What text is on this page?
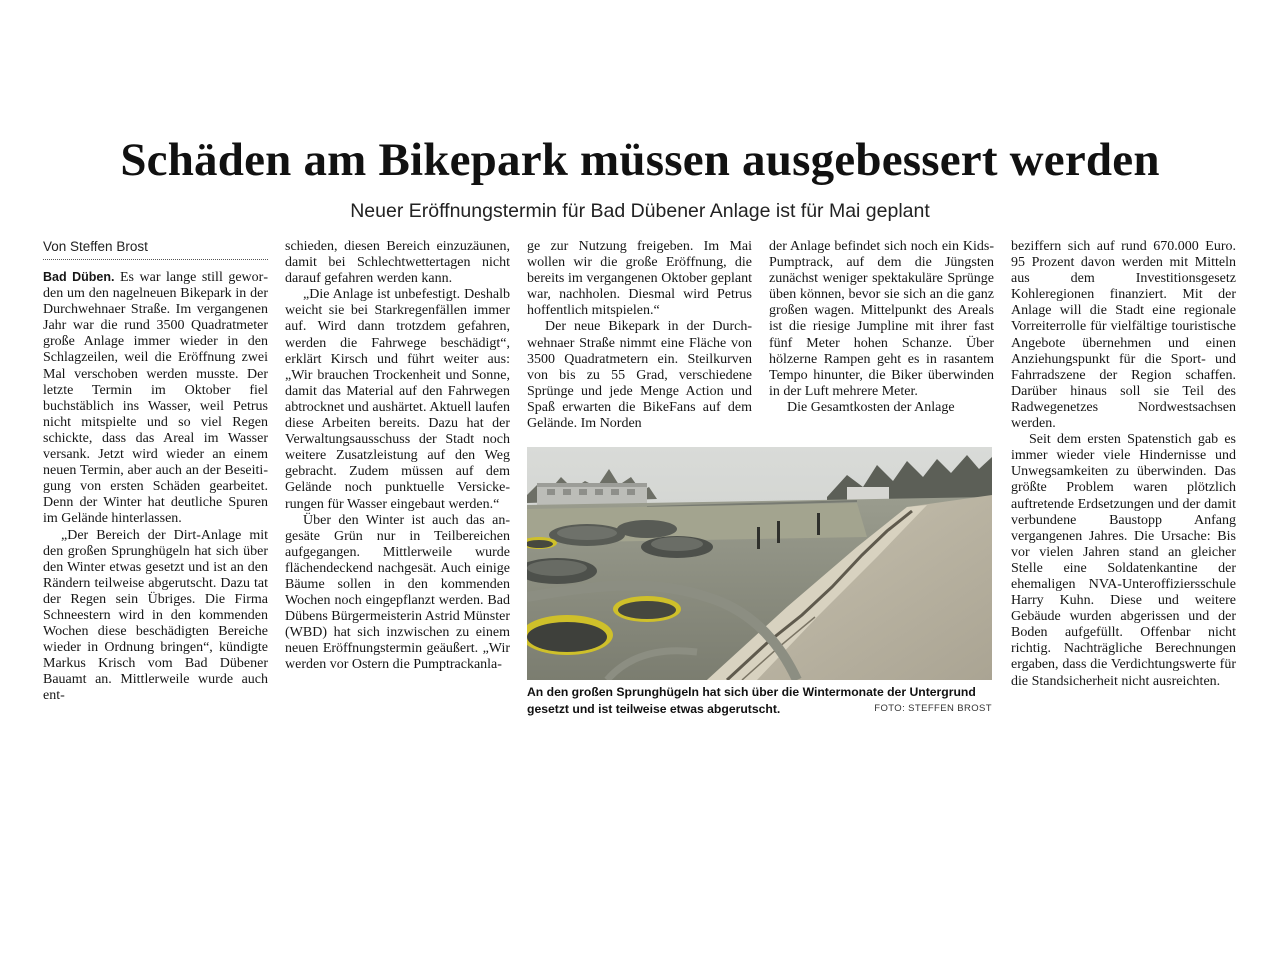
Schäden am Bikepark müssen ausgebessert werden
Neuer Eröffnungstermin für Bad Dübener Anlage ist für Mai geplant
Von Steffen Brost

Bad Düben. Es war lange still geworden um den nagelneuen Bikepark in der Durchwehnaer Straße. Im vergangenen Jahr war die rund 3500 Quadratmeter große Anlage immer wieder in den Schlagzeilen, weil die Eröffnung zwei Mal verschoben werden musste. Der letzte Termin im Oktober fiel buchstäblich ins Wasser, weil Petrus nicht mitspielte und so viel Regen schickte, dass das Areal im Wasser versank. Jetzt wird wieder an einem neuen Termin, aber auch an der Beseitigung von ersten Schäden gearbeitet. Denn der Winter hat deutliche Spuren im Gelände hinterlassen.

„Der Bereich der Dirt-Anlage mit den großen Sprunghügeln hat sich über den Winter etwas gesetzt und ist an den Rändern teilweise abgerutscht. Dazu tat der Regen sein Übriges. Die Firma Schneestern wird in den kommenden Wochen diese beschädigten Bereiche wieder in Ordnung bringen“, kündigte Markus Krisch vom Bad Dübener Bauamt an. Mittlerweile wurde auch ent-

schieden, diesen Bereich einzuzäunen, damit bei Schlechtwettertagen nicht darauf gefahren werden kann.

„Die Anlage ist unbefestigt. Deshalb weicht sie bei Starkregenfällen immer auf. Wird dann trotzdem gefahren, werden die Fahrwege beschädigt“, erklärt Kirsch und führt weiter aus: „Wir brauchen Trockenheit und Sonne, damit das Material auf den Fahrwegen abtrocknet und aushärtet. Aktuell laufen diese Arbeiten bereits. Dazu hat der Verwaltungsausschuss der Stadt noch weitere Zusatzleistung auf den Weg gebracht. Zudem müssen auf dem Gelände noch punktuelle Versickerungen für Wasser eingebaut werden.“

Über den Winter ist auch das angesäte Grün nur in Teilbereichen aufgegangen. Mittlerweile wurde flächendeckend nachgesät. Auch einige Bäume sollen in den kommenden Wochen noch eingepflanzt werden. Bad Dübens Bürgermeisterin Astrid Münster (WBD) hat sich inzwischen zu einem neuen Eröffnungstermin geäußert. „Wir werden vor Ostern die Pumptrackanla-

ge zur Nutzung freigeben. Im Mai wollen wir die große Eröffnung, die bereits im vergangenen Oktober geplant war, nachholen. Diesmal wird Petrus hoffentlich mitspielen.“

Der neue Bikepark in der Durchwehnaer Straße nimmt eine Fläche von 3500 Quadratmetern ein. Steilkurven von bis zu 55 Grad, verschiedene Sprünge und jede Menge Action und Spaß erwarten die BikeFans auf dem Gelände. Im Norden

der Anlage befindet sich noch ein Kids-Pumptrack, auf dem die Jüngsten zunächst weniger spektakuläre Sprünge üben können, bevor sie sich an die ganz großen wagen. Mittelpunkt des Areals ist die riesige Jumpline mit ihrer fast fünf Meter hohen Schanze. Über hölzerne Rampen geht es in rasantem Tempo hinunter, die Biker überwinden in der Luft mehrere Meter.

Die Gesamtkosten der Anlage

beziffern sich auf rund 670.000 Euro. 95 Prozent davon werden mit Mitteln aus dem Investitionsgesetz Kohleregionen finanziert. Mit der Anlage will die Stadt eine regionale Vorreiterrolle für vielfältige touristische Angebote übernehmen und einen Anziehungspunkt für die Sport- und Fahrradszene der Region schaffen. Darüber hinaus soll sie Teil des Radwegenetzes Nordwestsachsen werden.

Seit dem ersten Spatenstich gab es immer wieder viele Hindernisse und Unwegsamkeiten zu überwinden. Das größte Problem waren plötzlich auftretende Erdsetzungen und der damit verbundene Baustopp Anfang vergangenen Jahres. Die Ursache: Bis vor vielen Jahren stand an gleicher Stelle eine Soldatenkantine der ehemaligen NVA-Unteroffiziersschule Harry Kuhn. Diese und weitere Gebäude wurden abgerissen und der Boden aufgefüllt. Offenbar nicht richtig. Nachträgliche Berechnungen ergaben, dass die Verdichtungswerte für die Standsicherheit nicht ausreichten.

An den großen Sprunghügeln hat sich über die Wintermonate der Untergrund gesetzt und ist teilweise etwas abgerutscht.	FOTO: STEFFEN BROST
